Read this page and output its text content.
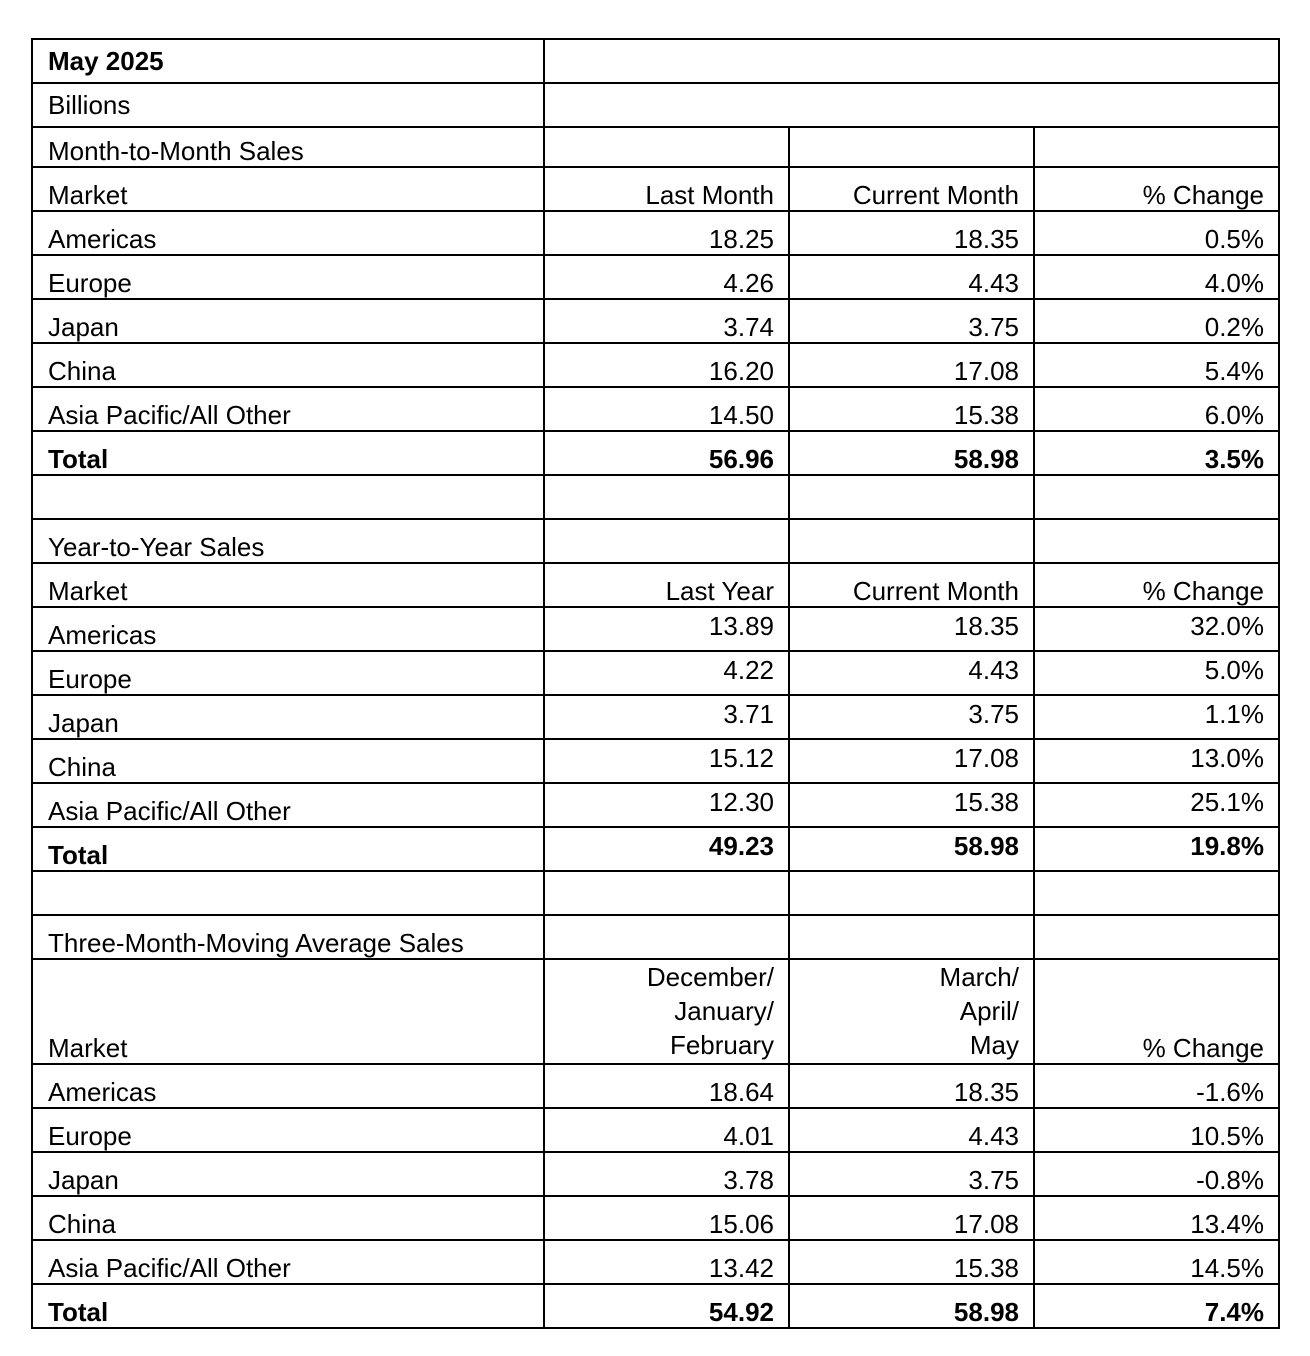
May 2025			
Billions			
Month-to-Month Sales			
Market	Last Month	Current Month	% Change
Americas	18.25	18.35	0.5%
Europe	4.26	4.43	4.0%
Japan	3.74	3.75	0.2%
China	16.20	17.08	5.4%
Asia Pacific/All Other	14.50	15.38	6.0%
Total	56.96	58.98	3.5%

Year-to-Year Sales			
Market	Last Year	Current Month	% Change
Americas	13.89	18.35	32.0%
Europe	4.22	4.43	5.0%
Japan	3.71	3.75	1.1%
China	15.12	17.08	13.0%
Asia Pacific/All Other	12.30	15.38	25.1%
Total	49.23	58.98	19.8%

Three-Month-Moving Average Sales			
Market	December/
January/
February	March/
April/
May	% Change
Americas	18.64	18.35	-1.6%
Europe	4.01	4.43	10.5%
Japan	3.78	3.75	-0.8%
China	15.06	17.08	13.4%
Asia Pacific/All Other	13.42	15.38	14.5%
Total	54.92	58.98	7.4%
